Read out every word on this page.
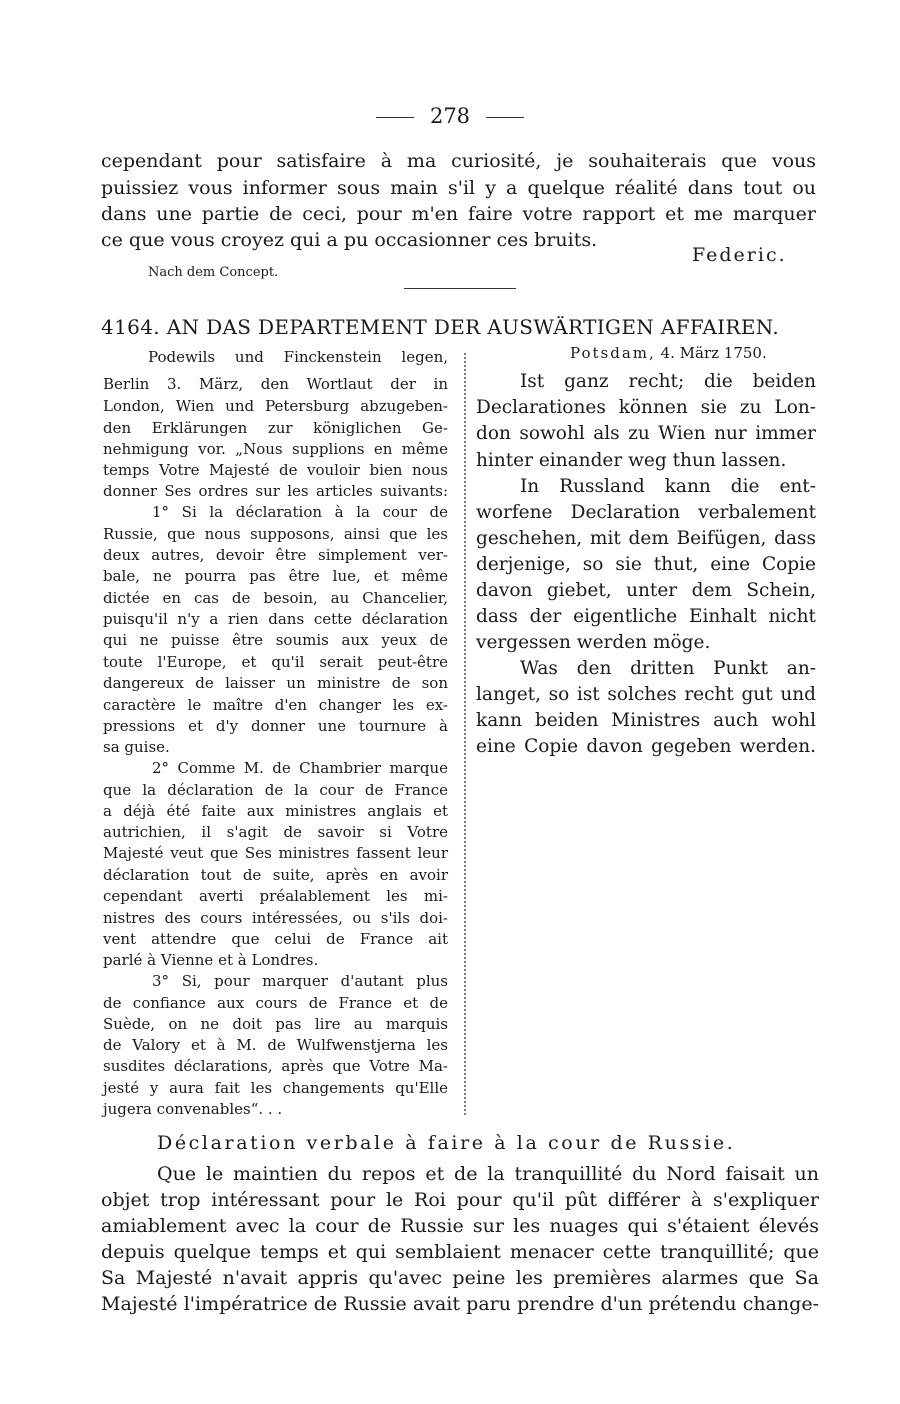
278
cependant pour satisfaire à ma curiosité, je souhaiterais que vous
puissiez vous informer sous main s'il y a quelque réalité dans tout ou
dans une partie de ceci, pour m'en faire votre rapport et me marquer
ce que vous croyez qui a pu occasionner ces bruits.
Federic.
Nach dem Concept.
4164. AN DAS DEPARTEMENT DER AUSWÄRTIGEN AFFAIREN.
Podewils und Finckenstein legen,
Berlin 3. März, den Wortlaut der in
London, Wien und Petersburg abzugeben-
den Erklärungen zur königlichen Ge-
nehmigung vor. „Nous supplions en même
temps Votre Majesté de vouloir bien nous
donner Ses ordres sur les articles suivants:
1° Si la déclaration à la cour de
Russie, que nous supposons, ainsi que les
deux autres, devoir être simplement ver-
bale, ne pourra pas être lue, et même
dictée en cas de besoin, au Chancelier,
puisqu'il n'y a rien dans cette déclaration
qui ne puisse être soumis aux yeux de
toute l'Europe, et qu'il serait peut-être
dangereux de laisser un ministre de son
caractère le maître d'en changer les ex-
pressions et d'y donner une tournure à
sa guise.
2° Comme M. de Chambrier marque
que la déclaration de la cour de France
a déjà été faite aux ministres anglais et
autrichien, il s'agit de savoir si Votre
Majesté veut que Ses ministres fassent leur
déclaration tout de suite, après en avoir
cependant averti préalablement les mi-
nistres des cours intéressées, ou s'ils doi-
vent attendre que celui de France ait
parlé à Vienne et à Londres.
3° Si, pour marquer d'autant plus
de confiance aux cours de France et de
Suède, on ne doit pas lire au marquis
de Valory et à M. de Wulfwenstjerna les
susdites déclarations, après que Votre Ma-
jesté y aura fait les changements qu'Elle
jugera convenables“. . .
Potsdam, 4. März 1750.
Ist ganz recht; die beiden
Declarationes können sie zu Lon-
don sowohl als zu Wien nur immer
hinter einander weg thun lassen.
In Russland kann die ent-
worfene Declaration verbalement
geschehen, mit dem Beifügen, dass
derjenige, so sie thut, eine Copie
davon giebet, unter dem Schein,
dass der eigentliche Einhalt nicht
vergessen werden möge.
Was den dritten Punkt an-
langet, so ist solches recht gut und
kann beiden Ministres auch wohl
eine Copie davon gegeben werden.
Déclaration verbale à faire à la cour de Russie.
Que le maintien du repos et de la tranquillité du Nord faisait un
objet trop intéressant pour le Roi pour qu'il pût différer à s'expliquer
amiablement avec la cour de Russie sur les nuages qui s'étaient élevés
depuis quelque temps et qui semblaient menacer cette tranquillité; que
Sa Majesté n'avait appris qu'avec peine les premières alarmes que Sa
Majesté l'impératrice de Russie avait paru prendre d'un prétendu change-
